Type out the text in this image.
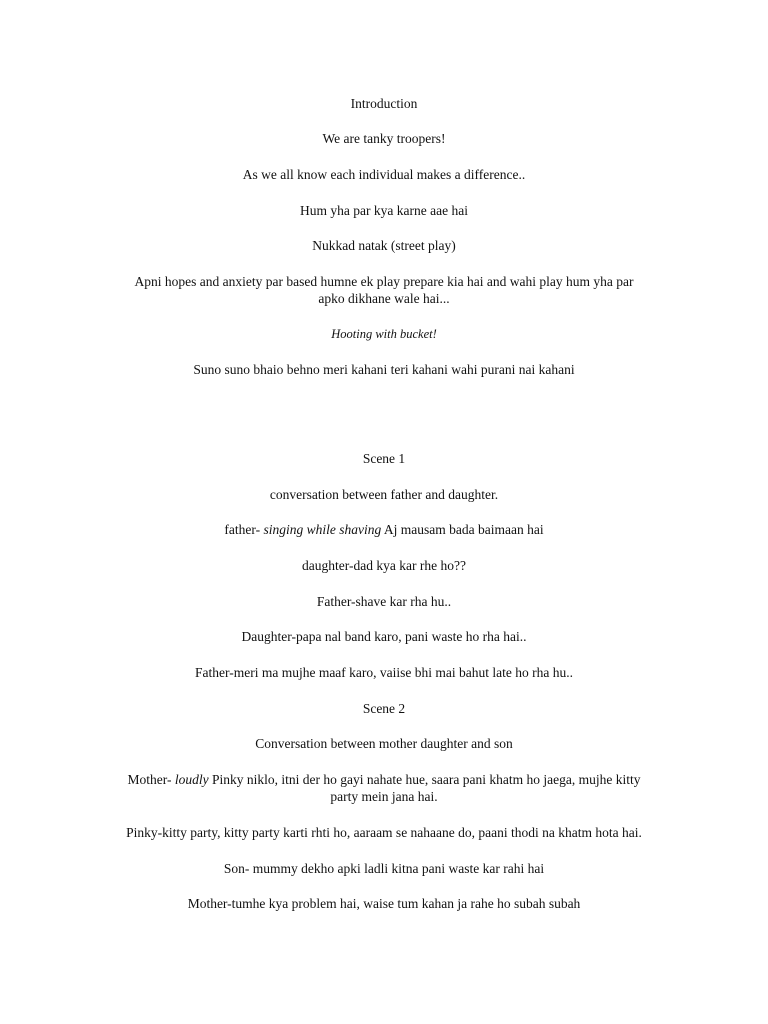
Introduction

We are tanky troopers!

As we all know each individual makes a difference..

Hum yha par kya karne aae hai

Nukkad natak (street play)

Apni hopes and anxiety par based humne ek play prepare kia hai and wahi play hum yha par
apko dikhane wale hai...

Hooting with bucket!

Suno suno bhaio behno meri kahani teri kahani wahi purani nai kahani

Scene 1

conversation between father and daughter.

father- singing while shaving Aj mausam bada baimaan hai

daughter-dad kya kar rhe ho??

Father-shave kar rha hu..

Daughter-papa nal band karo, pani waste ho rha hai..

Father-meri ma mujhe maaf karo, vaiise bhi mai bahut late ho rha hu..

Scene 2

Conversation between mother daughter and son

Mother- loudly Pinky niklo, itni der ho gayi nahate hue, saara pani khatm ho jaega, mujhe kitty
party mein jana hai.

Pinky-kitty party, kitty party karti rhti ho, aaraam se nahaane do, paani thodi na khatm hota hai.

Son- mummy dekho apki ladli kitna pani waste kar rahi hai

Mother-tumhe kya problem hai, waise tum kahan ja rahe ho subah subah
